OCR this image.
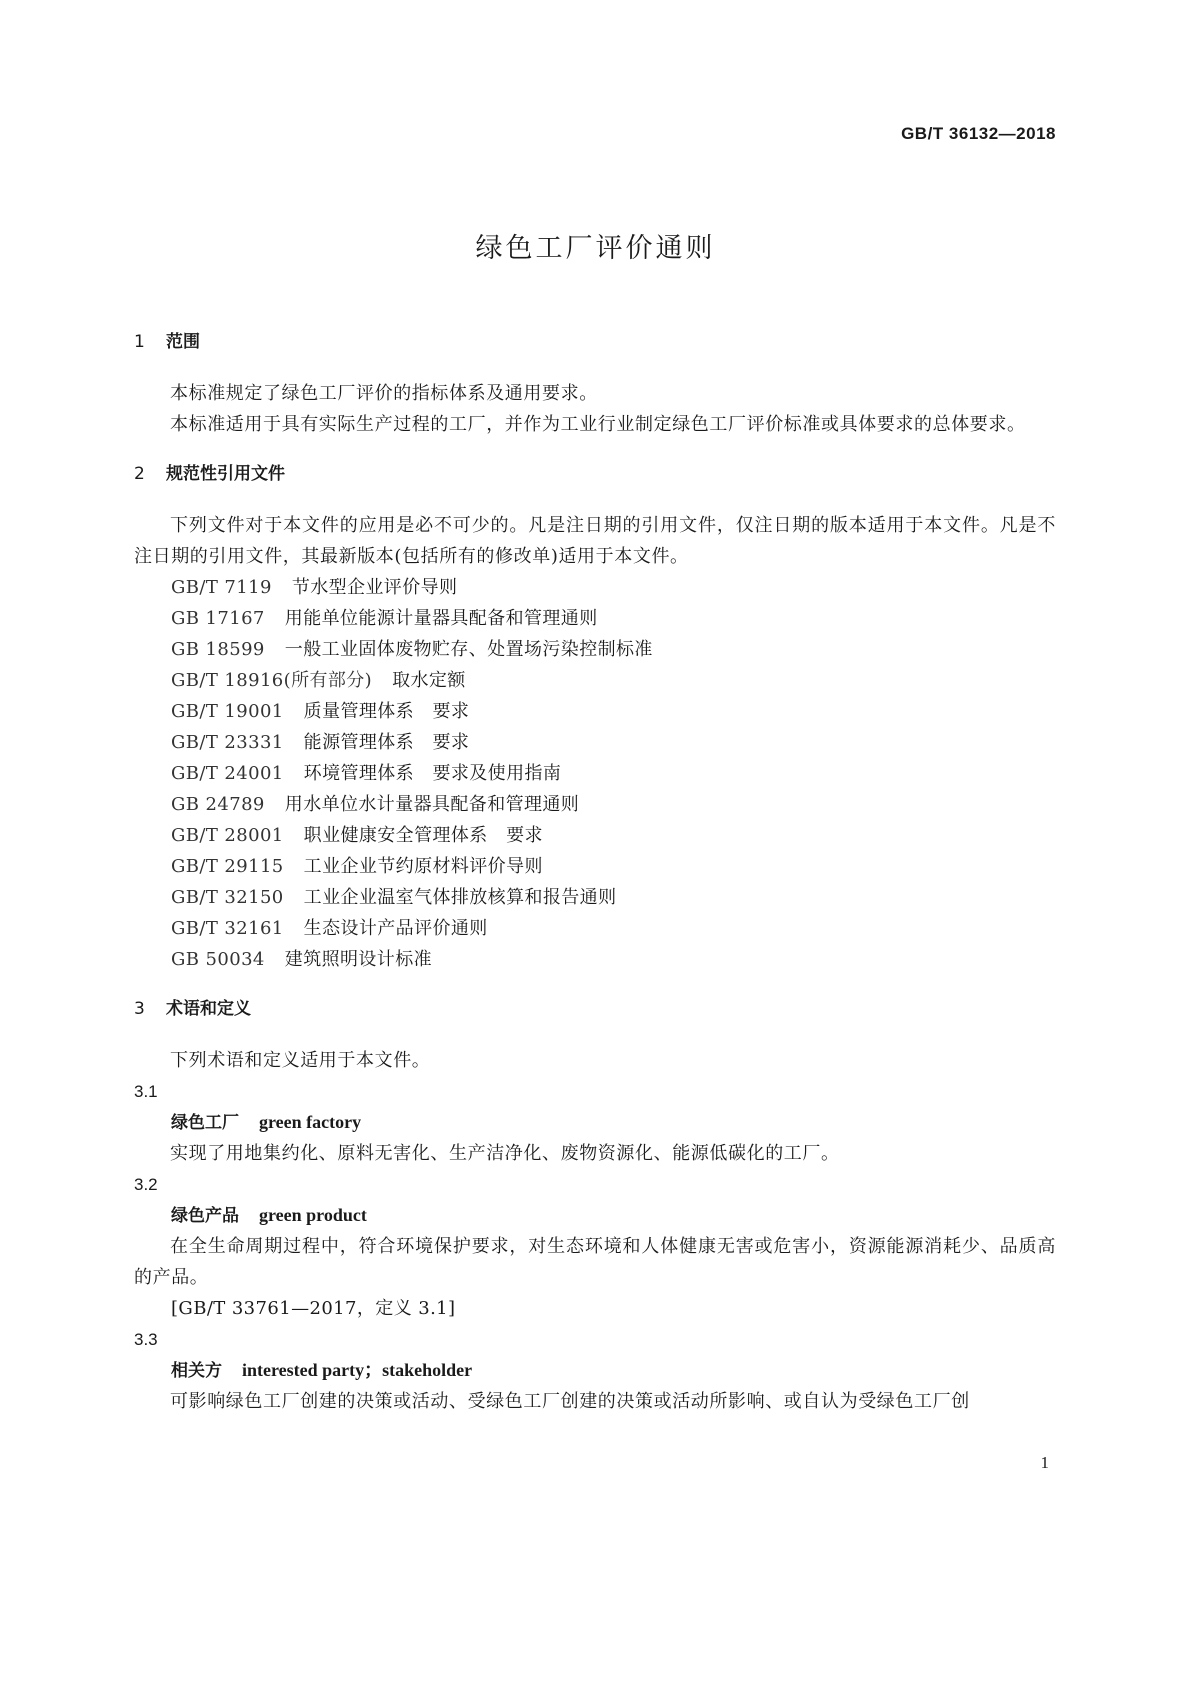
GB/T 36132—2018
绿色工厂评价通则
1 范围

本标准规定了绿色工厂评价的指标体系及通用要求。

本标准适用于具有实际生产过程的工厂，并作为工业行业制定绿色工厂评价标准或具体要求的总体要求。

2 规范性引用文件

下列文件对于本文件的应用是必不可少的。凡是注日期的引用文件，仅注日期的版本适用于本文件。凡是不注日期的引用文件，其最新版本(包括所有的修改单)适用于本文件。

GB/T 7119 节水型企业评价导则
GB 17167 用能单位能源计量器具配备和管理通则
GB 18599 一般工业固体废物贮存、处置场污染控制标准
GB/T 18916(所有部分) 取水定额
GB/T 19001 质量管理体系　要求
GB/T 23331 能源管理体系　要求
GB/T 24001 环境管理体系　要求及使用指南
GB 24789 用水单位水计量器具配备和管理通则
GB/T 28001 职业健康安全管理体系　要求
GB/T 29115 工业企业节约原材料评价导则
GB/T 32150 工业企业温室气体排放核算和报告通则
GB/T 32161 生态设计产品评价通则
GB 50034 建筑照明设计标准
3 术语和定义

下列术语和定义适用于本文件。

3.1
绿色工厂 green factory

实现了用地集约化、原料无害化、生产洁净化、废物资源化、能源低碳化的工厂。

3.2
绿色产品 green product

在全生命周期过程中，符合环境保护要求，对生态环境和人体健康无害或危害小，资源能源消耗少、品质高的产品。

[GB/T 33761—2017，定义 3.1]
3.3
相关方 interested party；stakeholder

可影响绿色工厂创建的决策或活动、受绿色工厂创建的决策或活动所影响、或自认为受绿色工厂创

1
